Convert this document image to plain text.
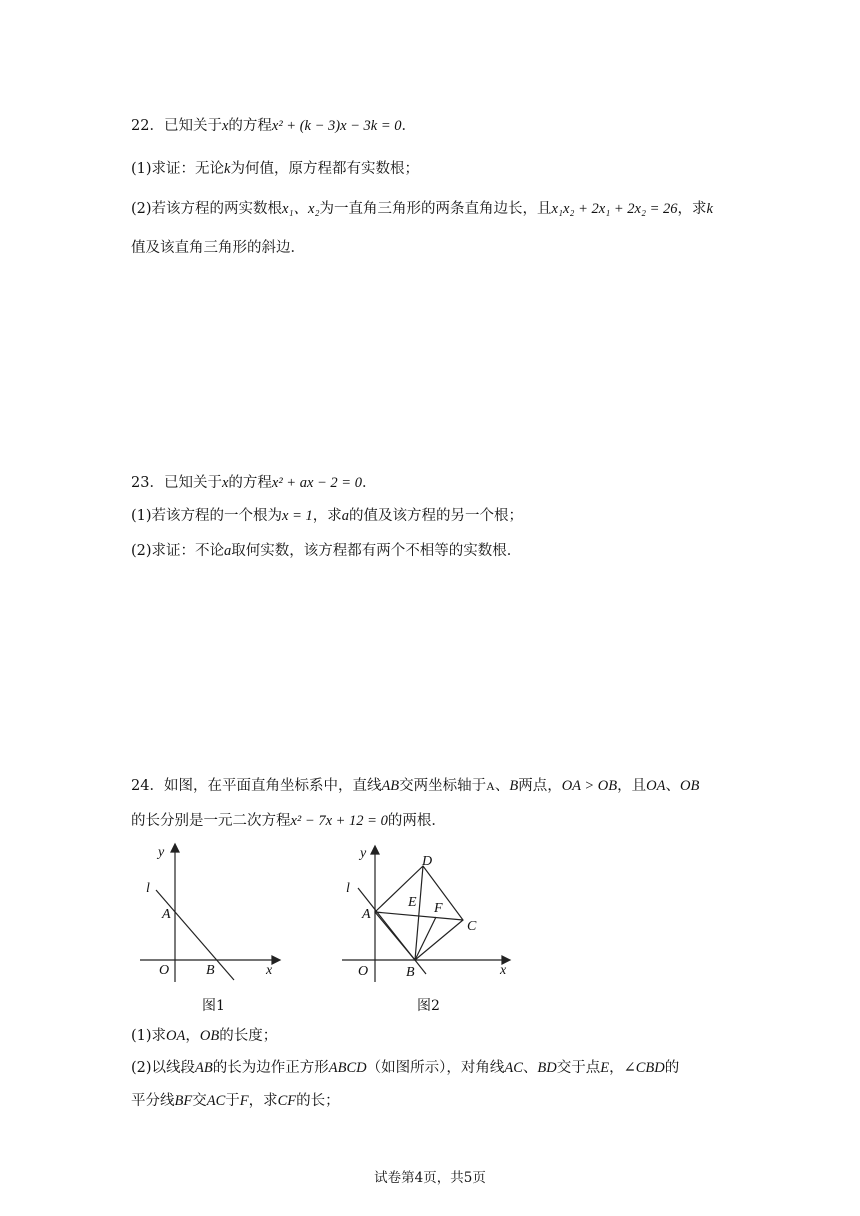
22．已知关于x的方程x² + (k − 3)x − 3k = 0．
(1)求证：无论k为何值，原方程都有实数根；
(2)若该方程的两实数根x₁、x₂为一直角三角形的两条直角边长，且x₁x₂ + 2x₁ + 2x₂ = 26，求k
值及该直角三角形的斜边．
23．已知关于x的方程x² + ax − 2 = 0．
(1)若该方程的一个根为x = 1，求a的值及该方程的另一个根；
(2)求证：不论a取何实数，该方程都有两个不相等的实数根．
24．如图，在平面直角坐标系中，直线AB交两坐标轴于A、B两点，OA > OB，且OA、OB
的长分别是一元二次方程x² − 7x + 12 = 0的两根．
y
x
l
A
O	B
图1
y
x
l
A
O	B
C
D
E F
图2
(1)求OA，OB的长度；
(2)以线段AB的长为边作正方形ABCD（如图所示），对角线AC、BD交于点E，∠CBD的
平分线BF交AC于F，求CF的长；
试卷第4页，共5页
